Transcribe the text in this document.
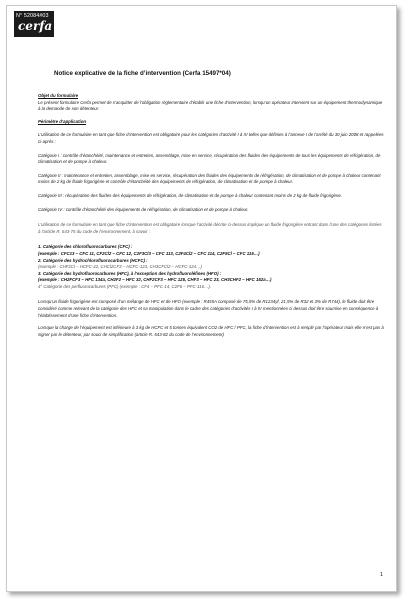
N° 52084#03
cerfa
Notice explicative de la fiche d’intervention (Cerfa 15497*04)

Objet du formulaire

Le présent formulaire Cerfa permet de s’acquitter de l’obligation réglementaire d’établir une fiche d’intervention, lorsqu’un opérateur intervient sur un équipement thermodynamique à la demande de son détenteur.

Périmètre d’application

L’utilisation de ce formulaire en tant que fiche d’intervention est obligatoire pour les catégories d’activité I à IV telles que définies à l’annexe I de l’arrêté du 30 juin 2008 et rappelées ci-après :

Catégorie I : contrôle d’étanchéité, maintenance et entretien, assemblage, mise en service, récupération des fluides des équipements de tous les équipements de réfrigération, de climatisation et de pompe à chaleur.

Catégorie II : maintenance et entretien, assemblage, mise en service, récupération des fluides des équipements de réfrigération, de climatisation et de pompe à chaleur contenant moins de 2 kg de fluide frigorigène et contrôle d’étanchéité des équipements de réfrigération, de climatisation et de pompe à chaleur.

Catégorie III : récupération des fluides des équipements de réfrigération, de climatisation et de pompe à chaleur contenant moins de 2 kg de fluide frigorigène.

Catégorie IV : contrôle d’étanchéité des équipements de réfrigération, de climatisation et de pompe à chaleur.

L’utilisation de ce formulaire en tant que fiche d’intervention est obligatoire lorsque l’activité décrite ci-dessus implique un fluide frigorigène entrant dans l’une des catégories listées à l’article R. 543-75 du code de l’environnement, à savoir :

1. Catégorie des chlorofluorocarbures (CFC) :

(exemple : CFC13 – CFC 11, CF2Cl2 – CFC 12, C2F3Cl3 – CFC 113, C2F4Cl2 – CFC 114, C2F5Cl – CFC 115…)

2. Catégorie des hydrochlorofluorocarbures (HCFC) :

(exemple : CHF2Cl – HCFC-22, CHCl2CF3 – HCFC-123, CH3CFCl2 – HCFC-124…)

3. Catégorie des hydrofluorocarbures (HFC), à l’exception des hydrofluoroléfines (HFO) :

(exemple : CH2FCF3 – HFC 134a, CH2F2 – HFC 32, CHF2CF3 – HFC 125, CHF3 – HFC 23, CH3CHF2 – HFC 152a…)

4° Catégorie des perfluorocarbures (PFC) (exemple : CF4 – PFC-14, C2F6 – PFC-116…).

Lorsqu’un fluide frigorigène est composé d’un mélange de HFC et de HFO (exemple : R455A composé de 75,5% de R1234yf, 21,5% de R32 et 3% de R744), le fluide doit être considéré comme relevant de la catégorie des HFC et sa manipulation dans le cadre des catégories d’activités I à IV mentionnées ci dessus doit être soumise en conséquence à l’établissement d’une fiche d’intervention.

Lorsque la charge de l’équipement est inférieure à 3 kg de HCFC et 5 tonnes équivalent CO2 de HFC / PFC, la fiche d’intervention est à remplir par l’opérateur mais elle n’est pas à signer par le détenteur, par souci de simplification (article R. 543-82 du code de l’environnement)

1
